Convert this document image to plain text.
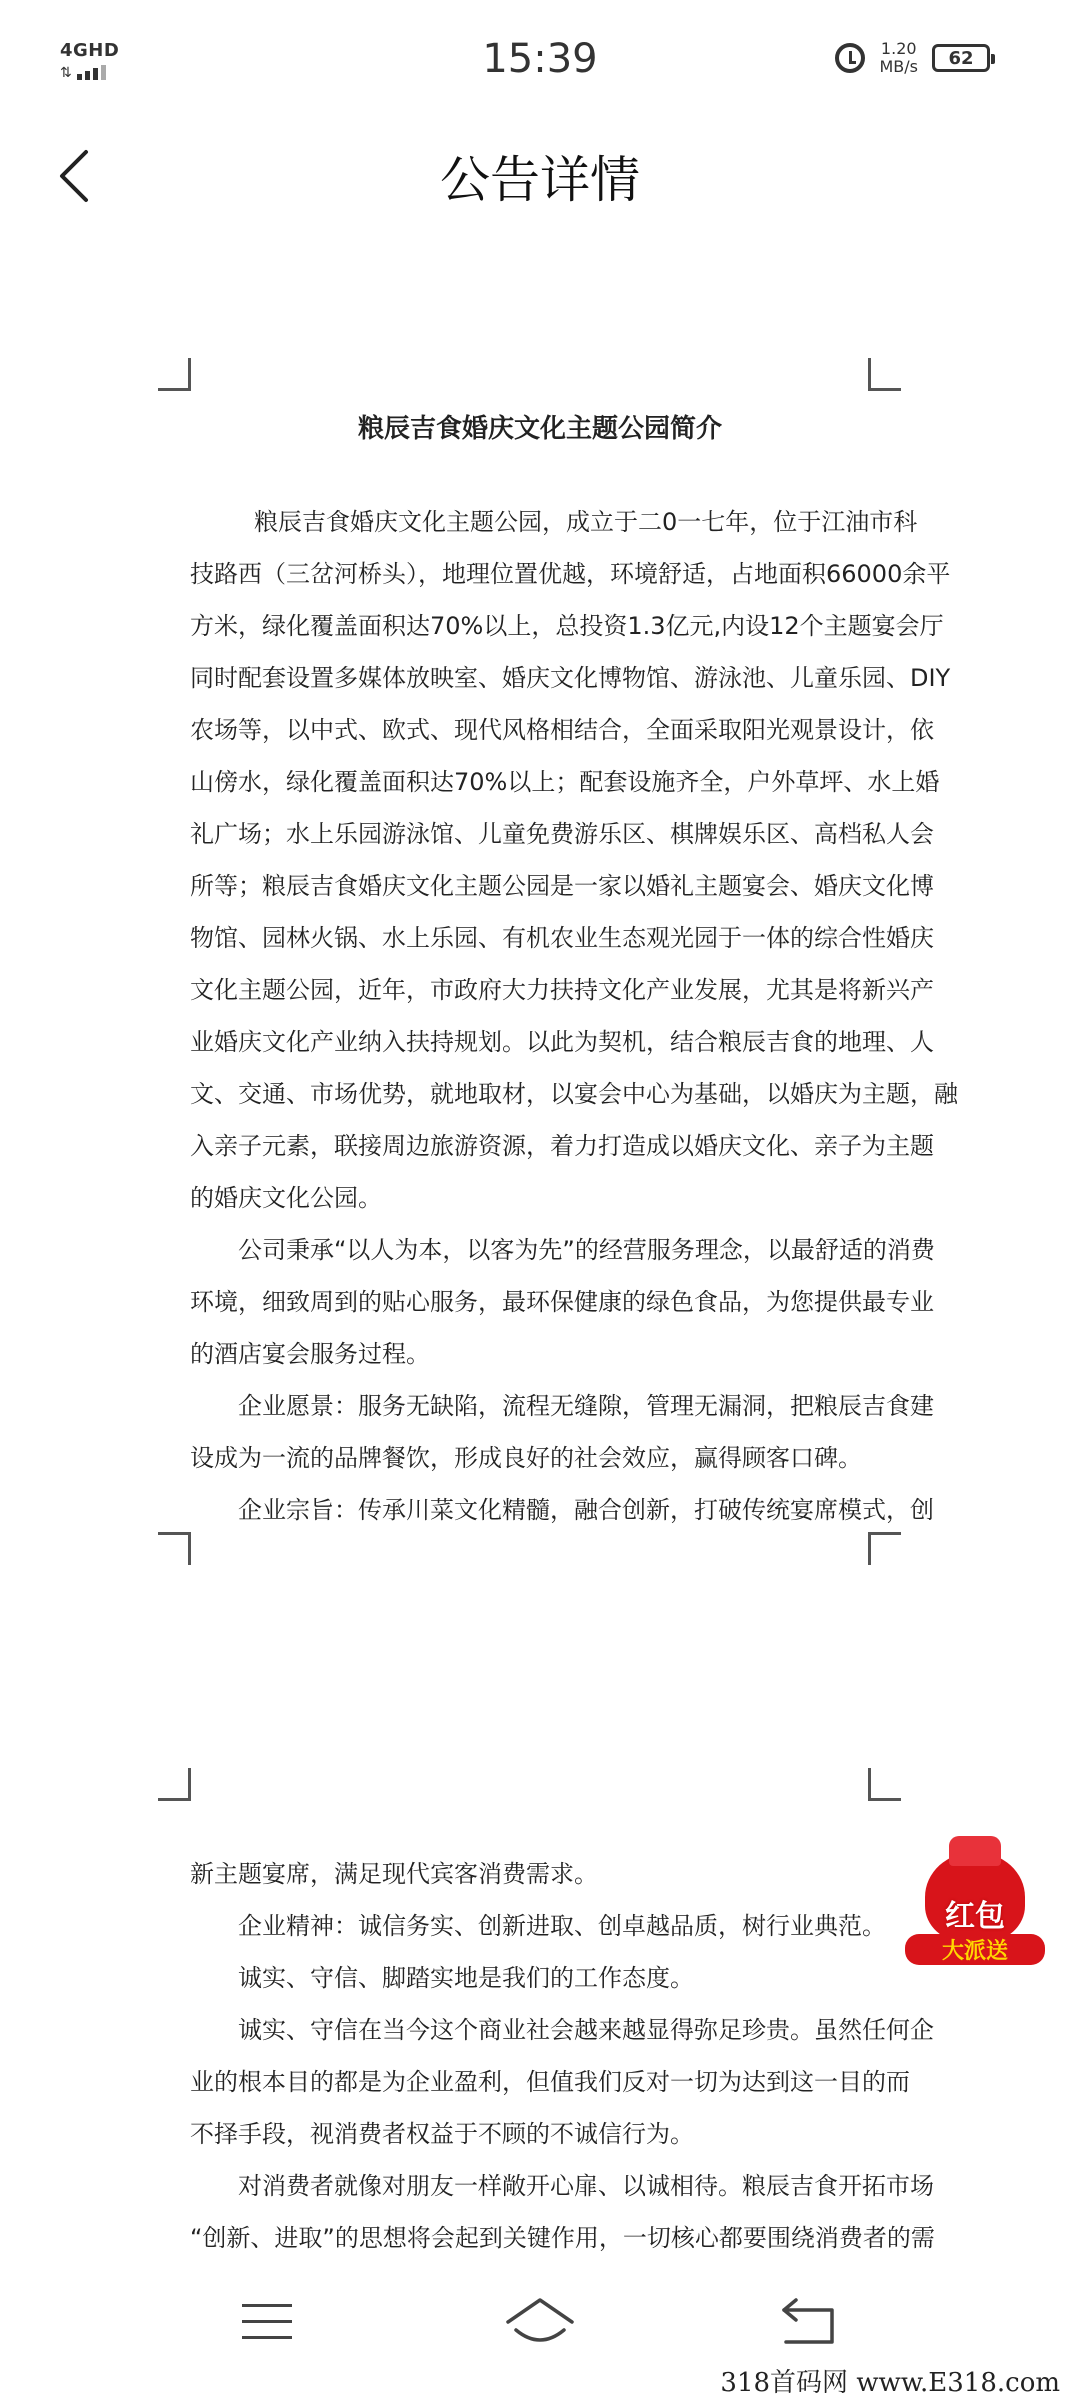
4GHD
⇅	15:39	1.20
MB/s	62
公告详情
粮辰吉食婚庆文化主题公园简介
粮辰吉食婚庆文化主题公园，成立于二0一七年，位于江油市科
技路西（三岔河桥头），地理位置优越，环境舒适，占地面积66000余平
方米，绿化覆盖面积达70%以上，总投资1.3亿元,内设12个主题宴会厅
同时配套设置多媒体放映室、婚庆文化博物馆、游泳池、儿童乐园、DIY
农场等，以中式、欧式、现代风格相结合，全面采取阳光观景设计，依
山傍水，绿化覆盖面积达70%以上；配套设施齐全，户外草坪、水上婚
礼广场；水上乐园游泳馆、儿童免费游乐区、棋牌娱乐区、高档私人会
所等；粮辰吉食婚庆文化主题公园是一家以婚礼主题宴会、婚庆文化博
物馆、园林火锅、水上乐园、有机农业生态观光园于一体的综合性婚庆
文化主题公园，近年，市政府大力扶持文化产业发展，尤其是将新兴产
业婚庆文化产业纳入扶持规划。以此为契机，结合粮辰吉食的地理、人
文、交通、市场优势，就地取材，以宴会中心为基础，以婚庆为主题，融
入亲子元素，联接周边旅游资源，着力打造成以婚庆文化、亲子为主题
的婚庆文化公园。
公司秉承“以人为本，以客为先”的经营服务理念，以最舒适的消费
环境，细致周到的贴心服务，最环保健康的绿色食品，为您提供最专业
的酒店宴会服务过程。
企业愿景：服务无缺陷，流程无缝隙，管理无漏洞，把粮辰吉食建
设成为一流的品牌餐饮，形成良好的社会效应，赢得顾客口碑。
企业宗旨：传承川菜文化精髓，融合创新，打破传统宴席模式，创
新主题宴席，满足现代宾客消费需求。
企业精神：诚信务实、创新进取、创卓越品质，树行业典范。
诚实、守信、脚踏实地是我们的工作态度。
诚实、守信在当今这个商业社会越来越显得弥足珍贵。虽然任何企
业的根本目的都是为企业盈利，但值我们反对一切为达到这一目的而
不择手段，视消费者权益于不顾的不诚信行为。
对消费者就像对朋友一样敞开心扉、以诚相待。粮辰吉食开拓市场
“创新、进取”的思想将会起到关键作用，一切核心都要围绕消费者的需
红包
大派送
318首码网 www.E318.com
